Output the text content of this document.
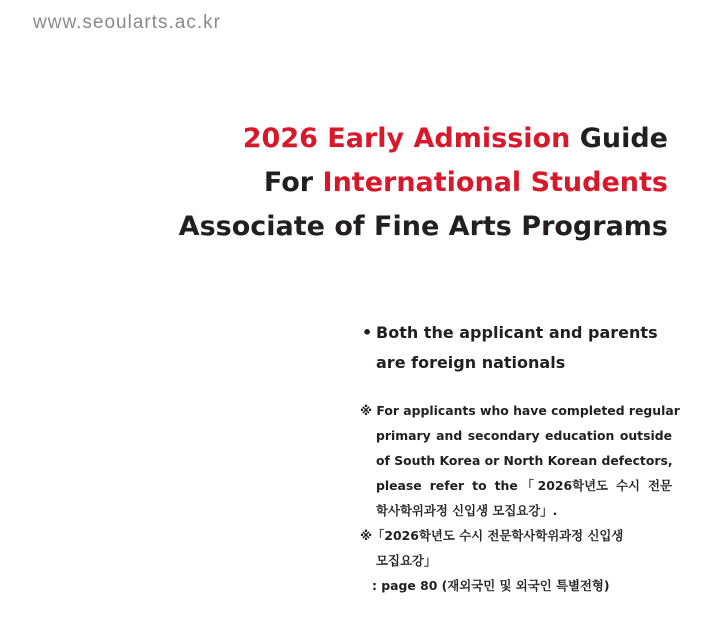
www.seoularts.ac.kr
2026 Early Admission Guide
For International Students
Associate of Fine Arts Programs
• Both the applicant and parents
are foreign nationals
※ For applicants who have completed regular
primary and secondary education outside
of South Korea or North Korean defectors,
please refer to the「2026학년도 수시 전문
학사학위과정 신입생 모집요강」.
※「2026학년도 수시 전문학사학위과정 신입생
모집요강」
: page 80 (재외국민 및 외국인 특별전형)
